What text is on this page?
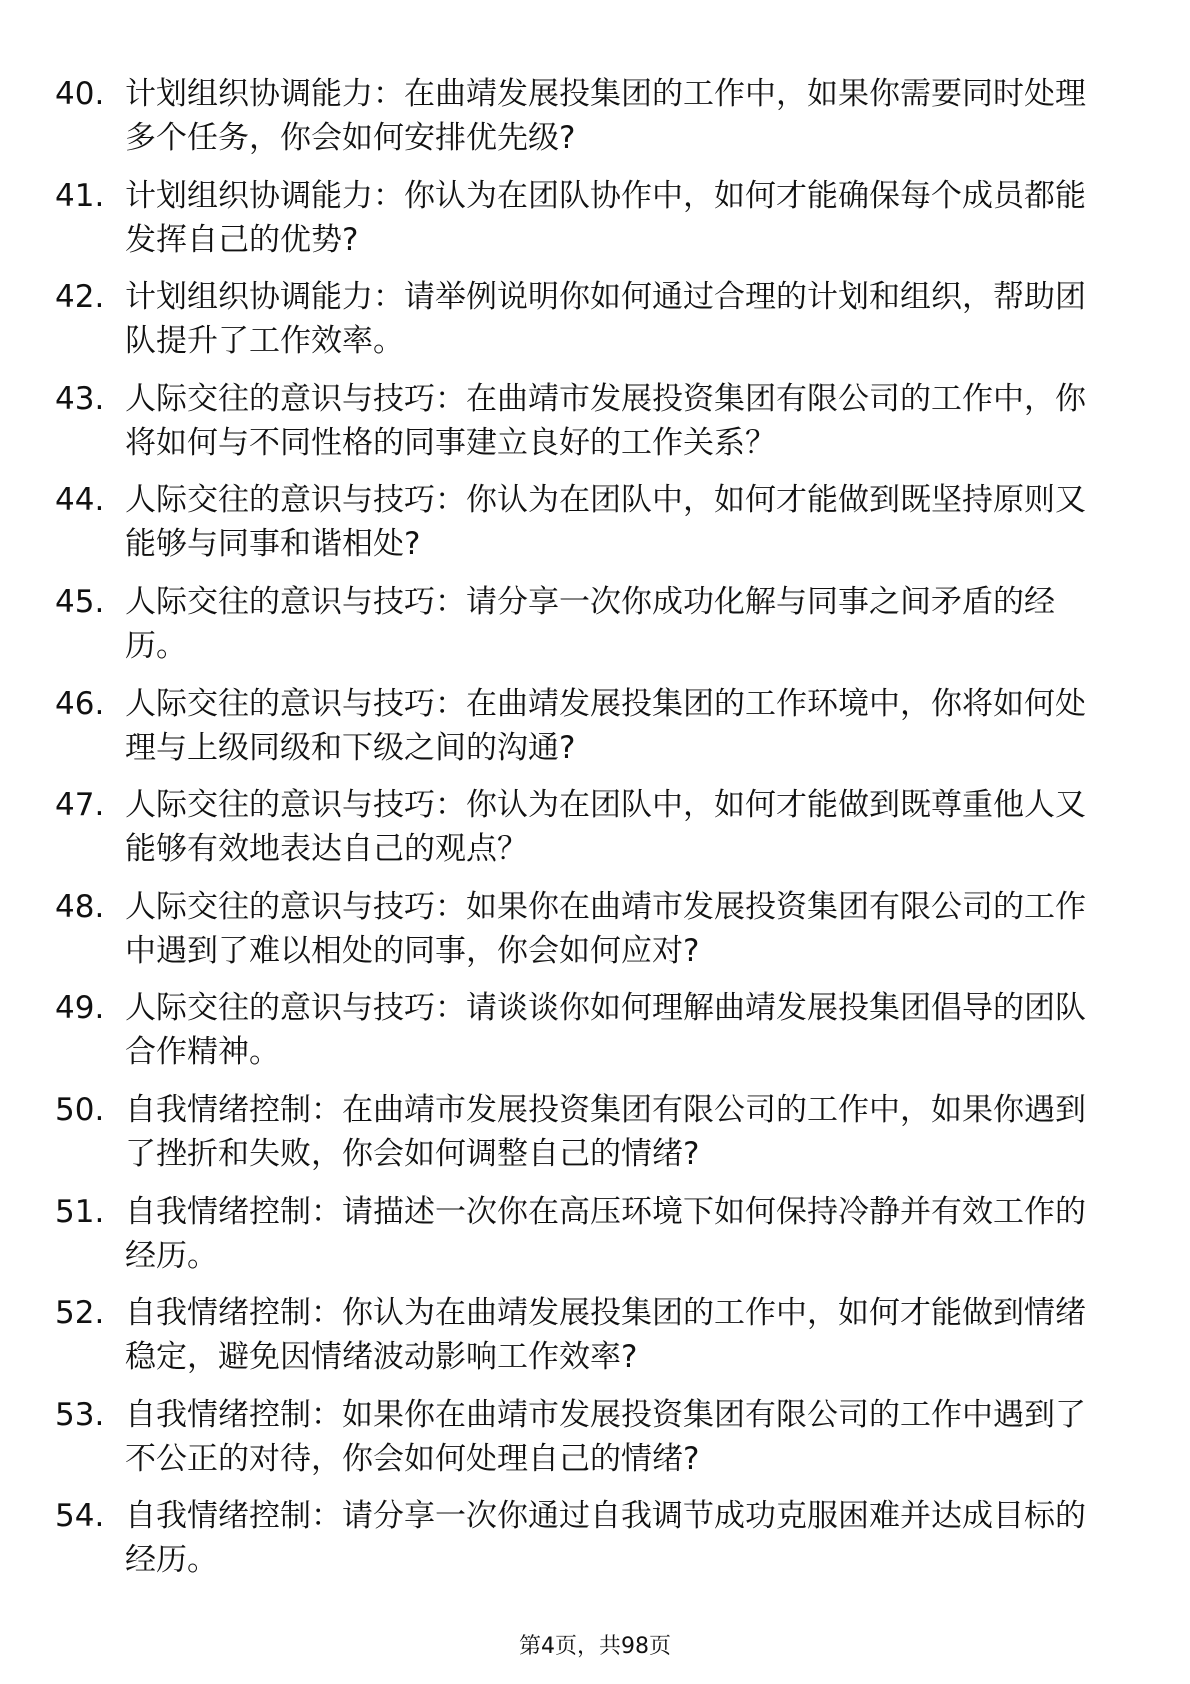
40. 计划组织协调能力：在曲靖发展投集团的工作中，如果你需要同时处理多个任务，你会如何安排优先级?

41. 计划组织协调能力：你认为在团队协作中，如何才能确保每个成员都能发挥自己的优势?

42. 计划组织协调能力：请举例说明你如何通过合理的计划和组织，帮助团队提升了工作效率。

43. 人际交往的意识与技巧：在曲靖市发展投资集团有限公司的工作中，你将如何与不同性格的同事建立良好的工作关系？

44. 人际交往的意识与技巧：你认为在团队中，如何才能做到既坚持原则又能够与同事和谐相处?

45. 人际交往的意识与技巧：请分享一次你成功化解与同事之间矛盾的经历。

46. 人际交往的意识与技巧：在曲靖发展投集团的工作环境中，你将如何处理与上级同级和下级之间的沟通?

47. 人际交往的意识与技巧：你认为在团队中，如何才能做到既尊重他人又能够有效地表达自己的观点？

48. 人际交往的意识与技巧：如果你在曲靖市发展投资集团有限公司的工作中遇到了难以相处的同事，你会如何应对?

49. 人际交往的意识与技巧：请谈谈你如何理解曲靖发展投集团倡导的团队合作精神。

50. 自我情绪控制：在曲靖市发展投资集团有限公司的工作中，如果你遇到了挫折和失败，你会如何调整自己的情绪?

51. 自我情绪控制：请描述一次你在高压环境下如何保持冷静并有效工作的经历。

52. 自我情绪控制：你认为在曲靖发展投集团的工作中，如何才能做到情绪稳定，避免因情绪波动影响工作效率?

53. 自我情绪控制：如果你在曲靖市发展投资集团有限公司的工作中遇到了不公正的对待，你会如何处理自己的情绪?

54. 自我情绪控制：请分享一次你通过自我调节成功克服困难并达成目标的经历。

第4页，共98页
